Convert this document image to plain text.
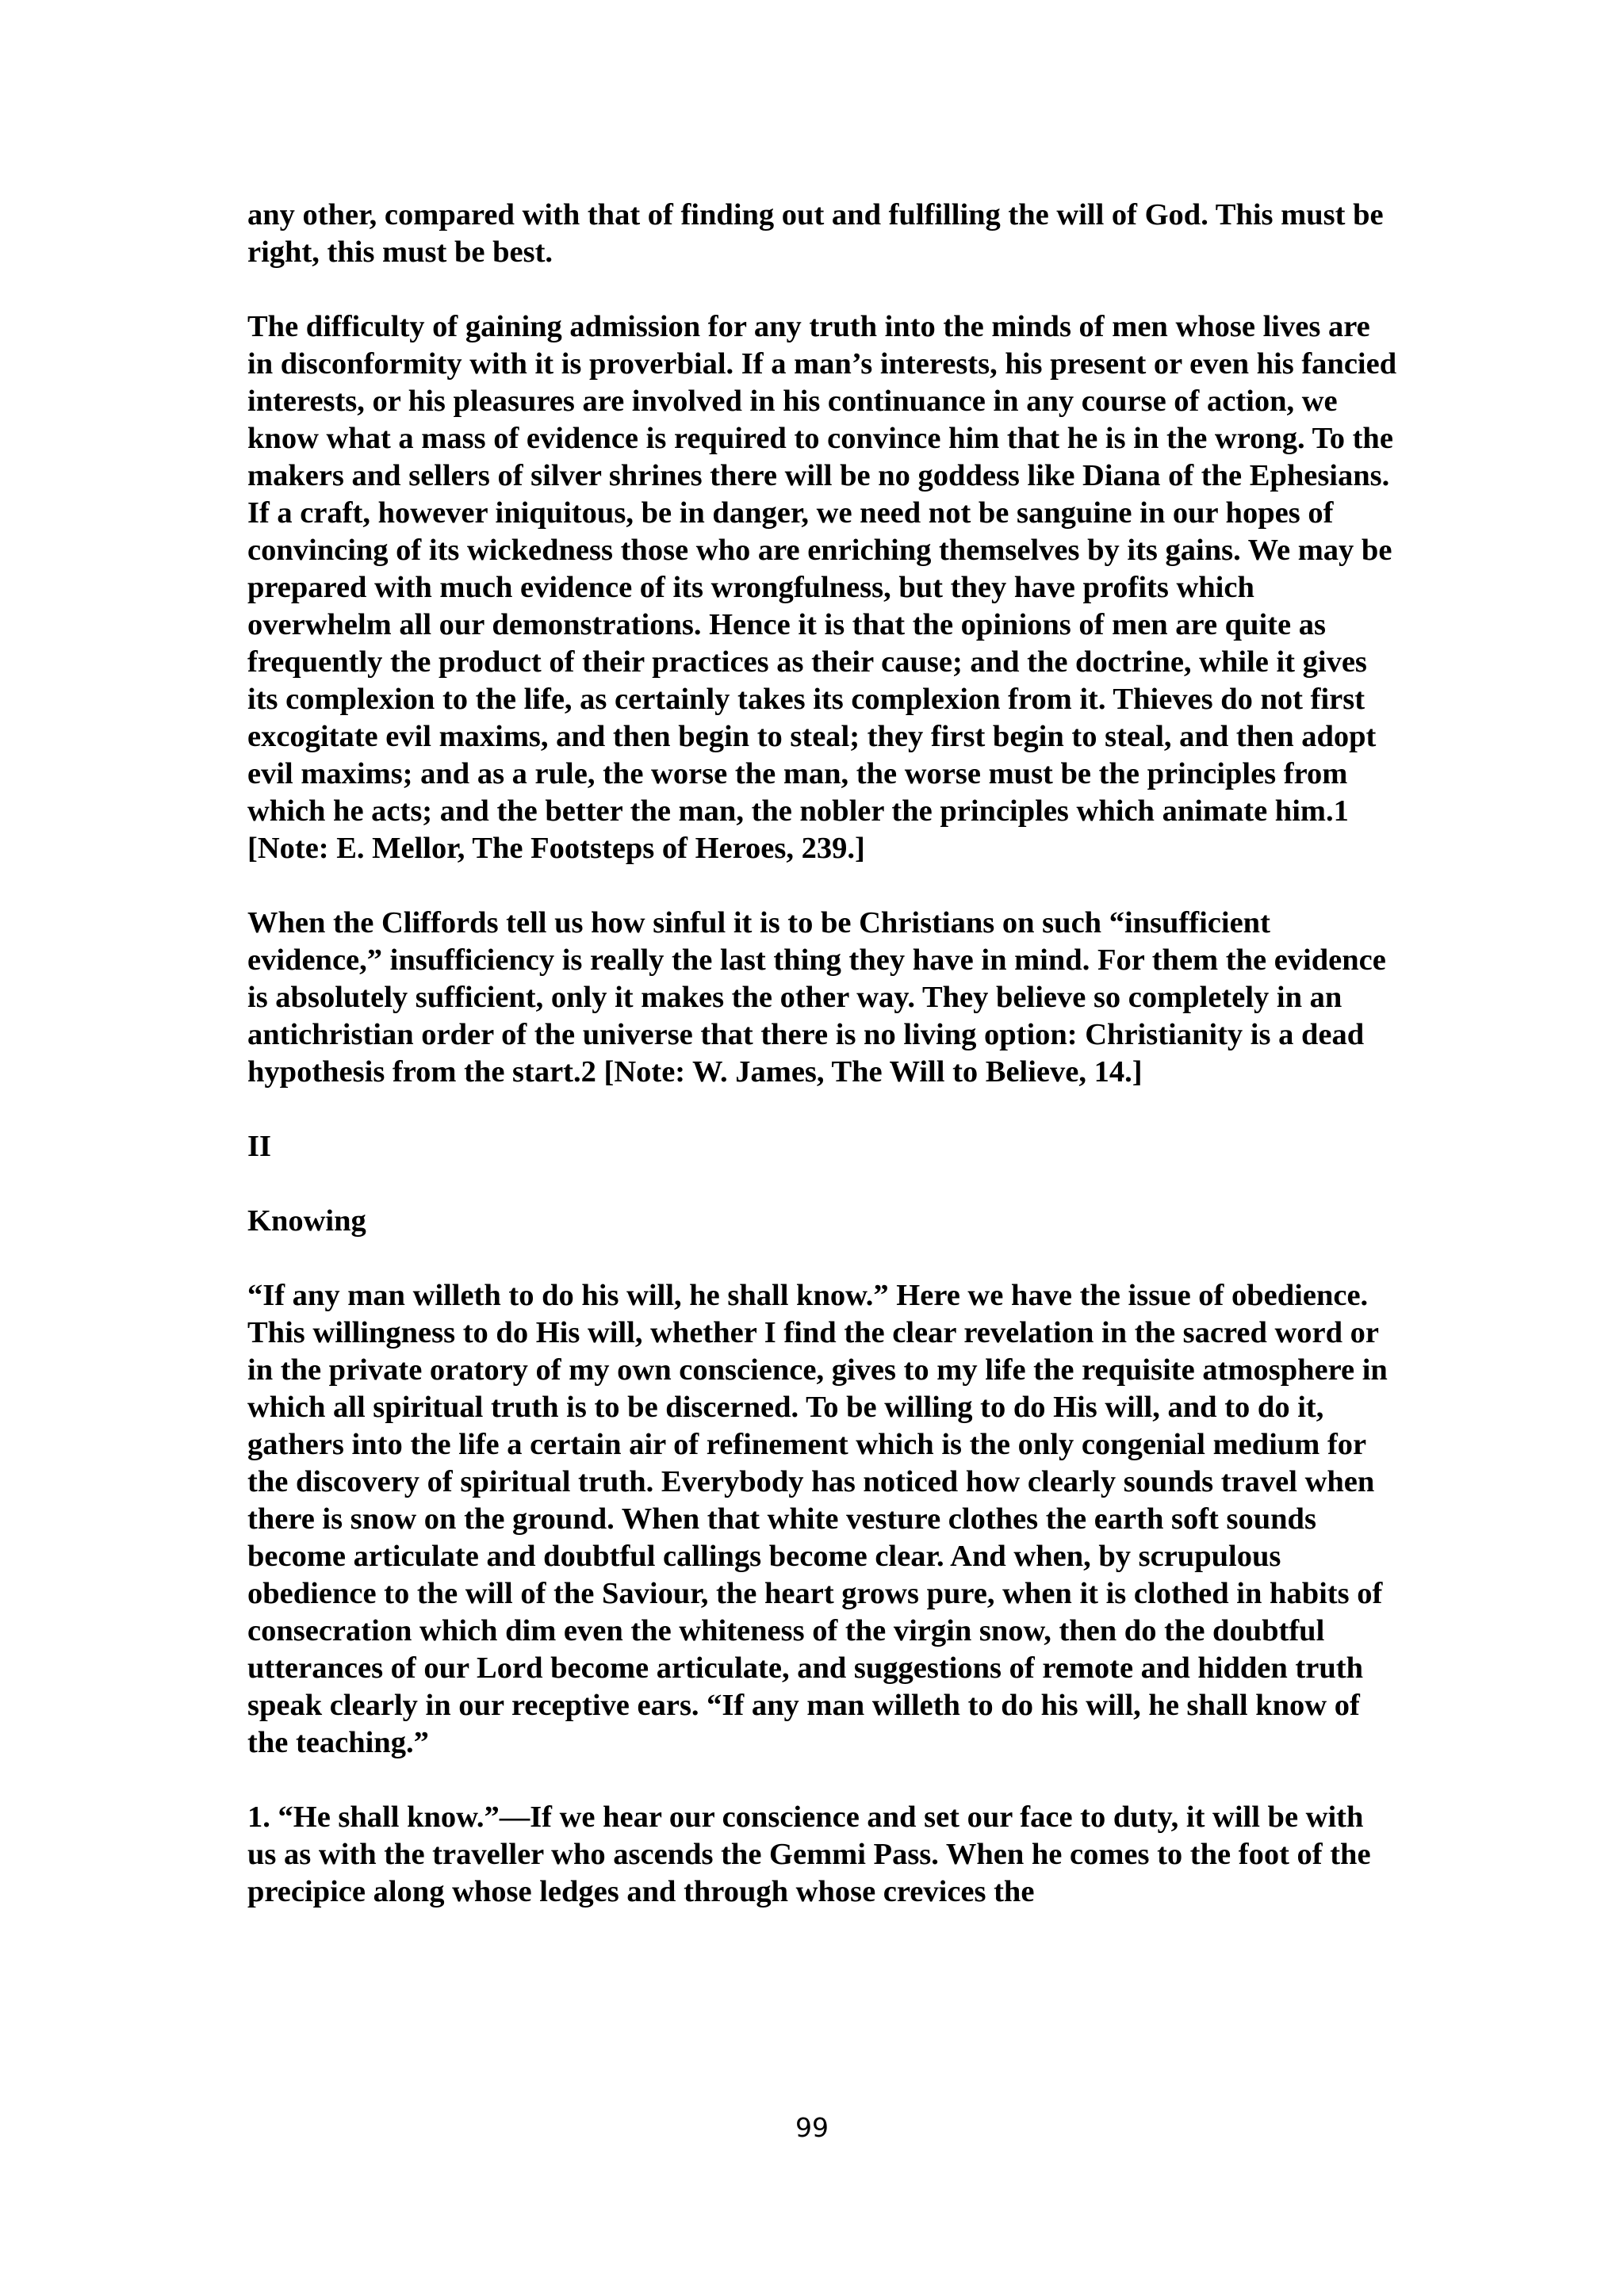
any other, compared with that of finding out and fulfilling the will of God. This must be right, this must be best.

The difficulty of gaining admission for any truth into the minds of men whose lives are in disconformity with it is proverbial. If a man’s interests, his present or even his fancied interests, or his pleasures are involved in his continuance in any course of action, we know what a mass of evidence is required to convince him that he is in the wrong. To the makers and sellers of silver shrines there will be no goddess like Diana of the Ephesians. If a craft, however iniquitous, be in danger, we need not be sanguine in our hopes of convincing of its wickedness those who are enriching themselves by its gains. We may be prepared with much evidence of its wrongfulness, but they have profits which overwhelm all our demonstrations. Hence it is that the opinions of men are quite as frequently the product of their practices as their cause; and the doctrine, while it gives its complexion to the life, as certainly takes its complexion from it. Thieves do not first excogitate evil maxims, and then begin to steal; they first begin to steal, and then adopt evil maxims; and as a rule, the worse the man, the worse must be the principles from which he acts; and the better the man, the nobler the principles which animate him.1 [Note: E. Mellor, The Footsteps of Heroes, 239.]

When the Cliffords tell us how sinful it is to be Christians on such “insufficient evidence,” insufficiency is really the last thing they have in mind. For them the evidence is absolutely sufficient, only it makes the other way. They believe so completely in an antichristian order of the universe that there is no living option: Christianity is a dead hypothesis from the start.2 [Note: W. James, The Will to Believe, 14.]

II

Knowing

“If any man willeth to do his will, he shall know.” Here we have the issue of obedience. This willingness to do His will, whether I find the clear revelation in the sacred word or in the private oratory of my own conscience, gives to my life the requisite atmosphere in which all spiritual truth is to be discerned. To be willing to do His will, and to do it, gathers into the life a certain air of refinement which is the only congenial medium for the discovery of spiritual truth. Everybody has noticed how clearly sounds travel when there is snow on the ground. When that white vesture clothes the earth soft sounds become articulate and doubtful callings become clear. And when, by scrupulous obedience to the will of the Saviour, the heart grows pure, when it is clothed in habits of consecration which dim even the whiteness of the virgin snow, then do the doubtful utterances of our Lord become articulate, and suggestions of remote and hidden truth speak clearly in our receptive ears. “If any man willeth to do his will, he shall know of the teaching.”

1. “He shall know.”—If we hear our conscience and set our face to duty, it will be with us as with the traveller who ascends the Gemmi Pass. When he comes to the foot of the precipice along whose ledges and through whose crevices the

99
